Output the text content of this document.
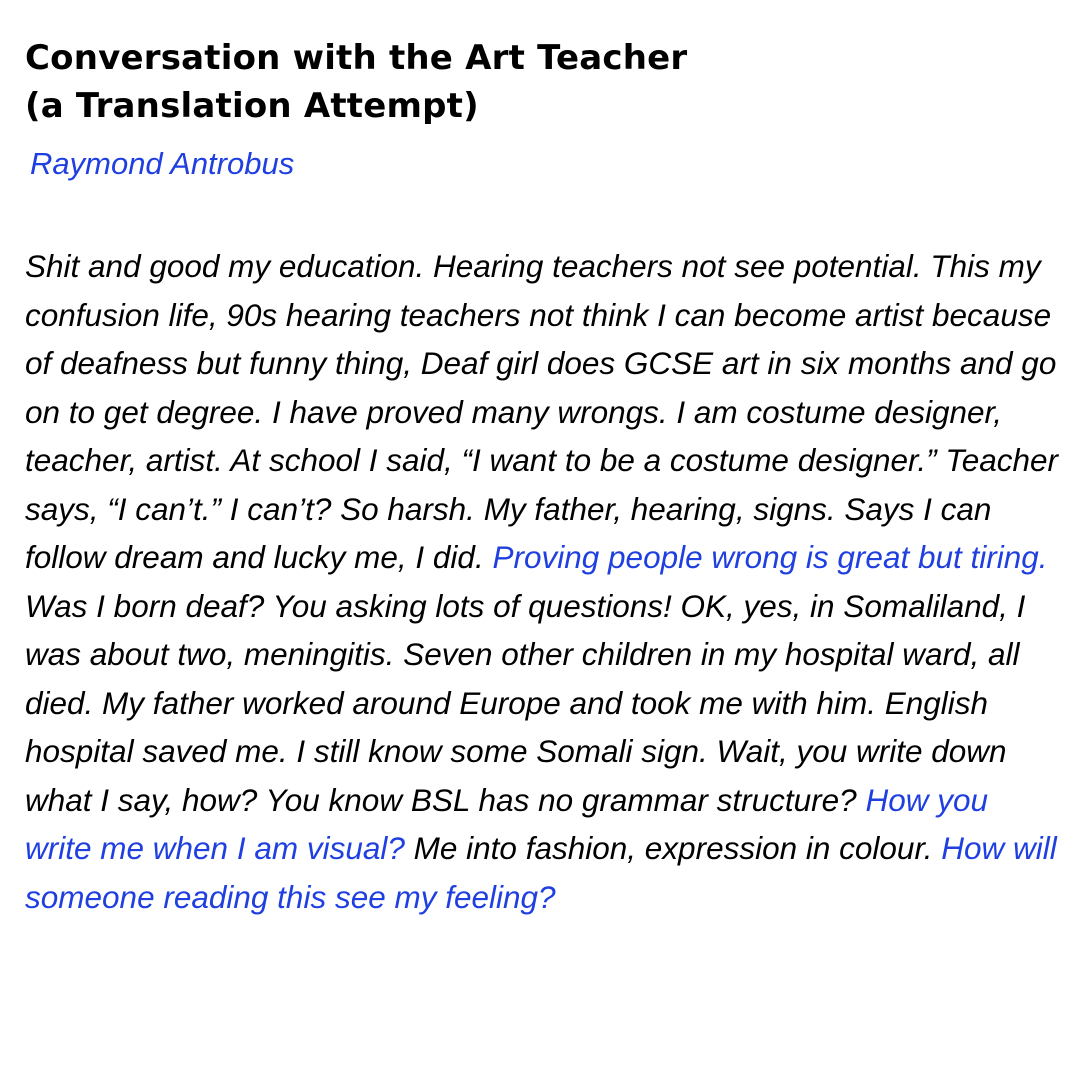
Conversation with the Art Teacher
(a Translation Attempt)
Raymond Antrobus

Shit and good my education. Hearing teachers not see potential. This my confusion life, 90s hearing teachers not think I can become artist because of deafness but funny thing, Deaf girl does GCSE art in six months and go on to get degree. I have proved many wrongs. I am costume designer, teacher, artist. At school I said, “I want to be a costume designer.” Teacher says, “I can’t.” I can’t? So harsh. My father, hearing, signs. Says I can follow dream and lucky me, I did. Proving people wrong is great but tiring. Was I born deaf? You asking lots of questions! OK, yes, in Somaliland, I was about two, meningitis. Seven other children in my hospital ward, all died. My father worked around Europe and took me with him. English hospital saved me. I still know some Somali sign. Wait, you write down what I say, how? You know BSL has no grammar structure? How you write me when I am visual? Me into fashion, expression in colour. How will someone reading this see my feeling?
